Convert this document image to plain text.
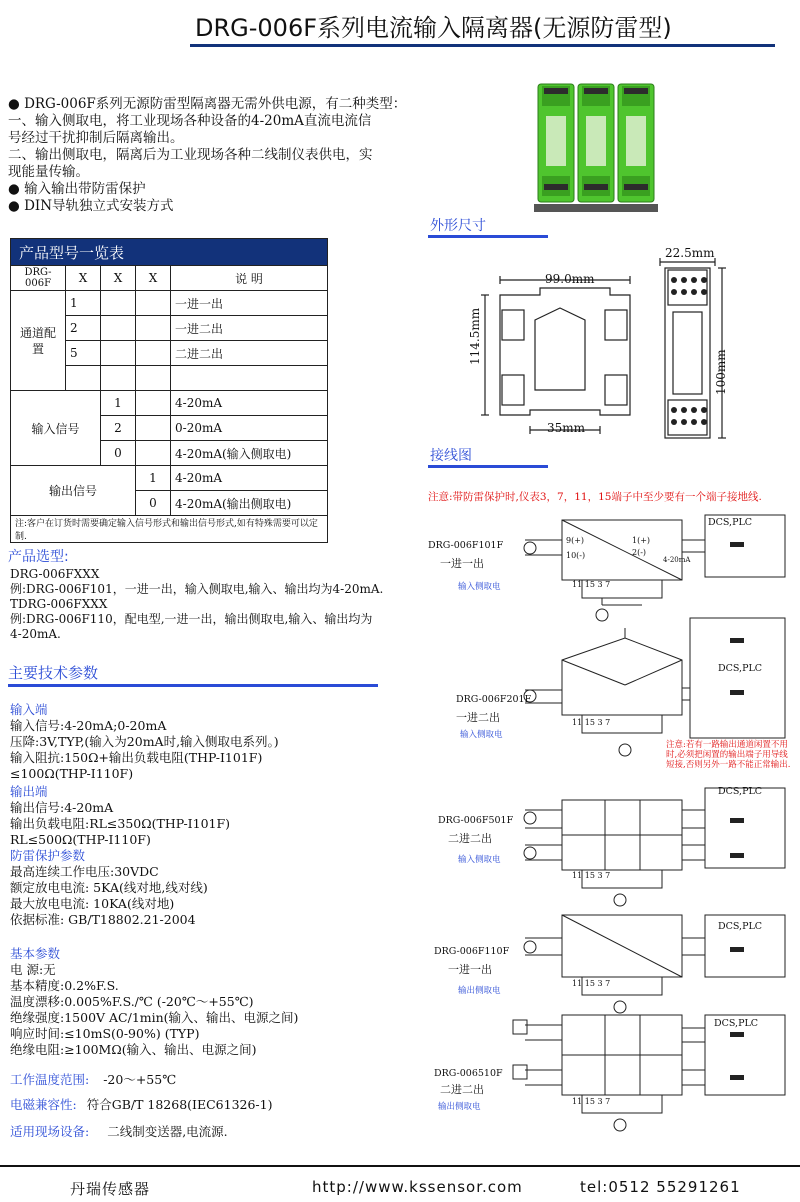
DRG-006F系列电流输入隔离器(无源防雷型)
● DRG-006F系列无源防雷型隔离器无需外供电源，有二种类型：
一、输入侧取电，将工业现场各种设备的4-20mA直流电流信
号经过干扰抑制后隔离输出。
二、输出侧取电，隔离后为工业现场各种二线制仪表供电，实
现能量传输。
● 输入输出带防雷保护
● DIN导轨独立式安装方式
产品型号一览表				
DRG-006F	X	X	X	说 明
通道配置	1			一进一出
	2			一进二出
	5			二进二出

输入信号		1		4-20mA
		2		0-20mA
		0		4-20mA(输入侧取电)
输出信号			1	4-20mA
			0	4-20mA(输出侧取电)
注:客户在订货时需要确定输入信号形式和输出信号形式,如有特殊需要可以定制.				
产品选型:
DRG-006FXXX
例:DRG-006F101，一进一出，输入侧取电,输入、输出均为4-20mA.
TDRG-006FXXX
例:DRG-006F110，配电型,一进一出，输出侧取电,输入、输出均为
4-20mA.
主要技术参数
输入端
输入信号:4-20mA;0-20mA
压降:3V,TYP,(输入为20mA时,输入侧取电系列。)
输入阻抗:150Ω+输出负载电阻(THP-I101F)
≤100Ω(THP-I110F)
输出端
输出信号:4-20mA
输出负载电阻:RL≤350Ω(THP-I101F)
RL≤500Ω(THP-I110F)
防雷保护参数
最高连续工作电压:30VDC
额定放电电流: 5KA(线对地,线对线)
最大放电电流: 10KA(线对地)
依据标准: GB/T18802.21-2004
基本参数
电 源:无
基本精度:0.2%F.S.
温度漂移:0.005%F.S./℃ (-20℃～+55℃)
绝缘强度:1500V AC/1min(输入、输出、电源之间)
响应时间:≤10mS(0-90%) (TYP)
绝缘电阻:≥100MΩ(输入、输出、电源之间)
工作温度范围: -20～+55℃
电磁兼容性: 符合GB/T 18268(IEC61326-1)
适用现场设备: 二线制变送器,电流源.
外形尺寸
99.0mm
114.5mm
35mm
22.5mm
100mm
接线图
注意:带防雷保护时,仪表3，7，11，15端子中至少要有一个端子接地线.
DRG-006F101F
一进一出
输入侧取电
DCS,PLC
9(+)
10(-)
1(+)
2(-)
11 15 3 7
4-20mA
DRG-006F201F
一进二出
输入侧取电
DCS,PLC
注意:若有一路输出通道闲置不用时,必须把闲置的输出端子用导线短接,否则另外一路不能正常输出.
11 15 3 7
DRG-006F501F
二进二出
输入侧取电
DCS,PLC
11 15 3 7
DRG-006F110F
一进一出
输出侧取电
DCS,PLC
11 15 3 7
DRG-006510F
二进二出
输出侧取电
DCS,PLC
11 15 3 7
丹瑞传感器	http://www.kssensor.com	tel:0512 55291261
